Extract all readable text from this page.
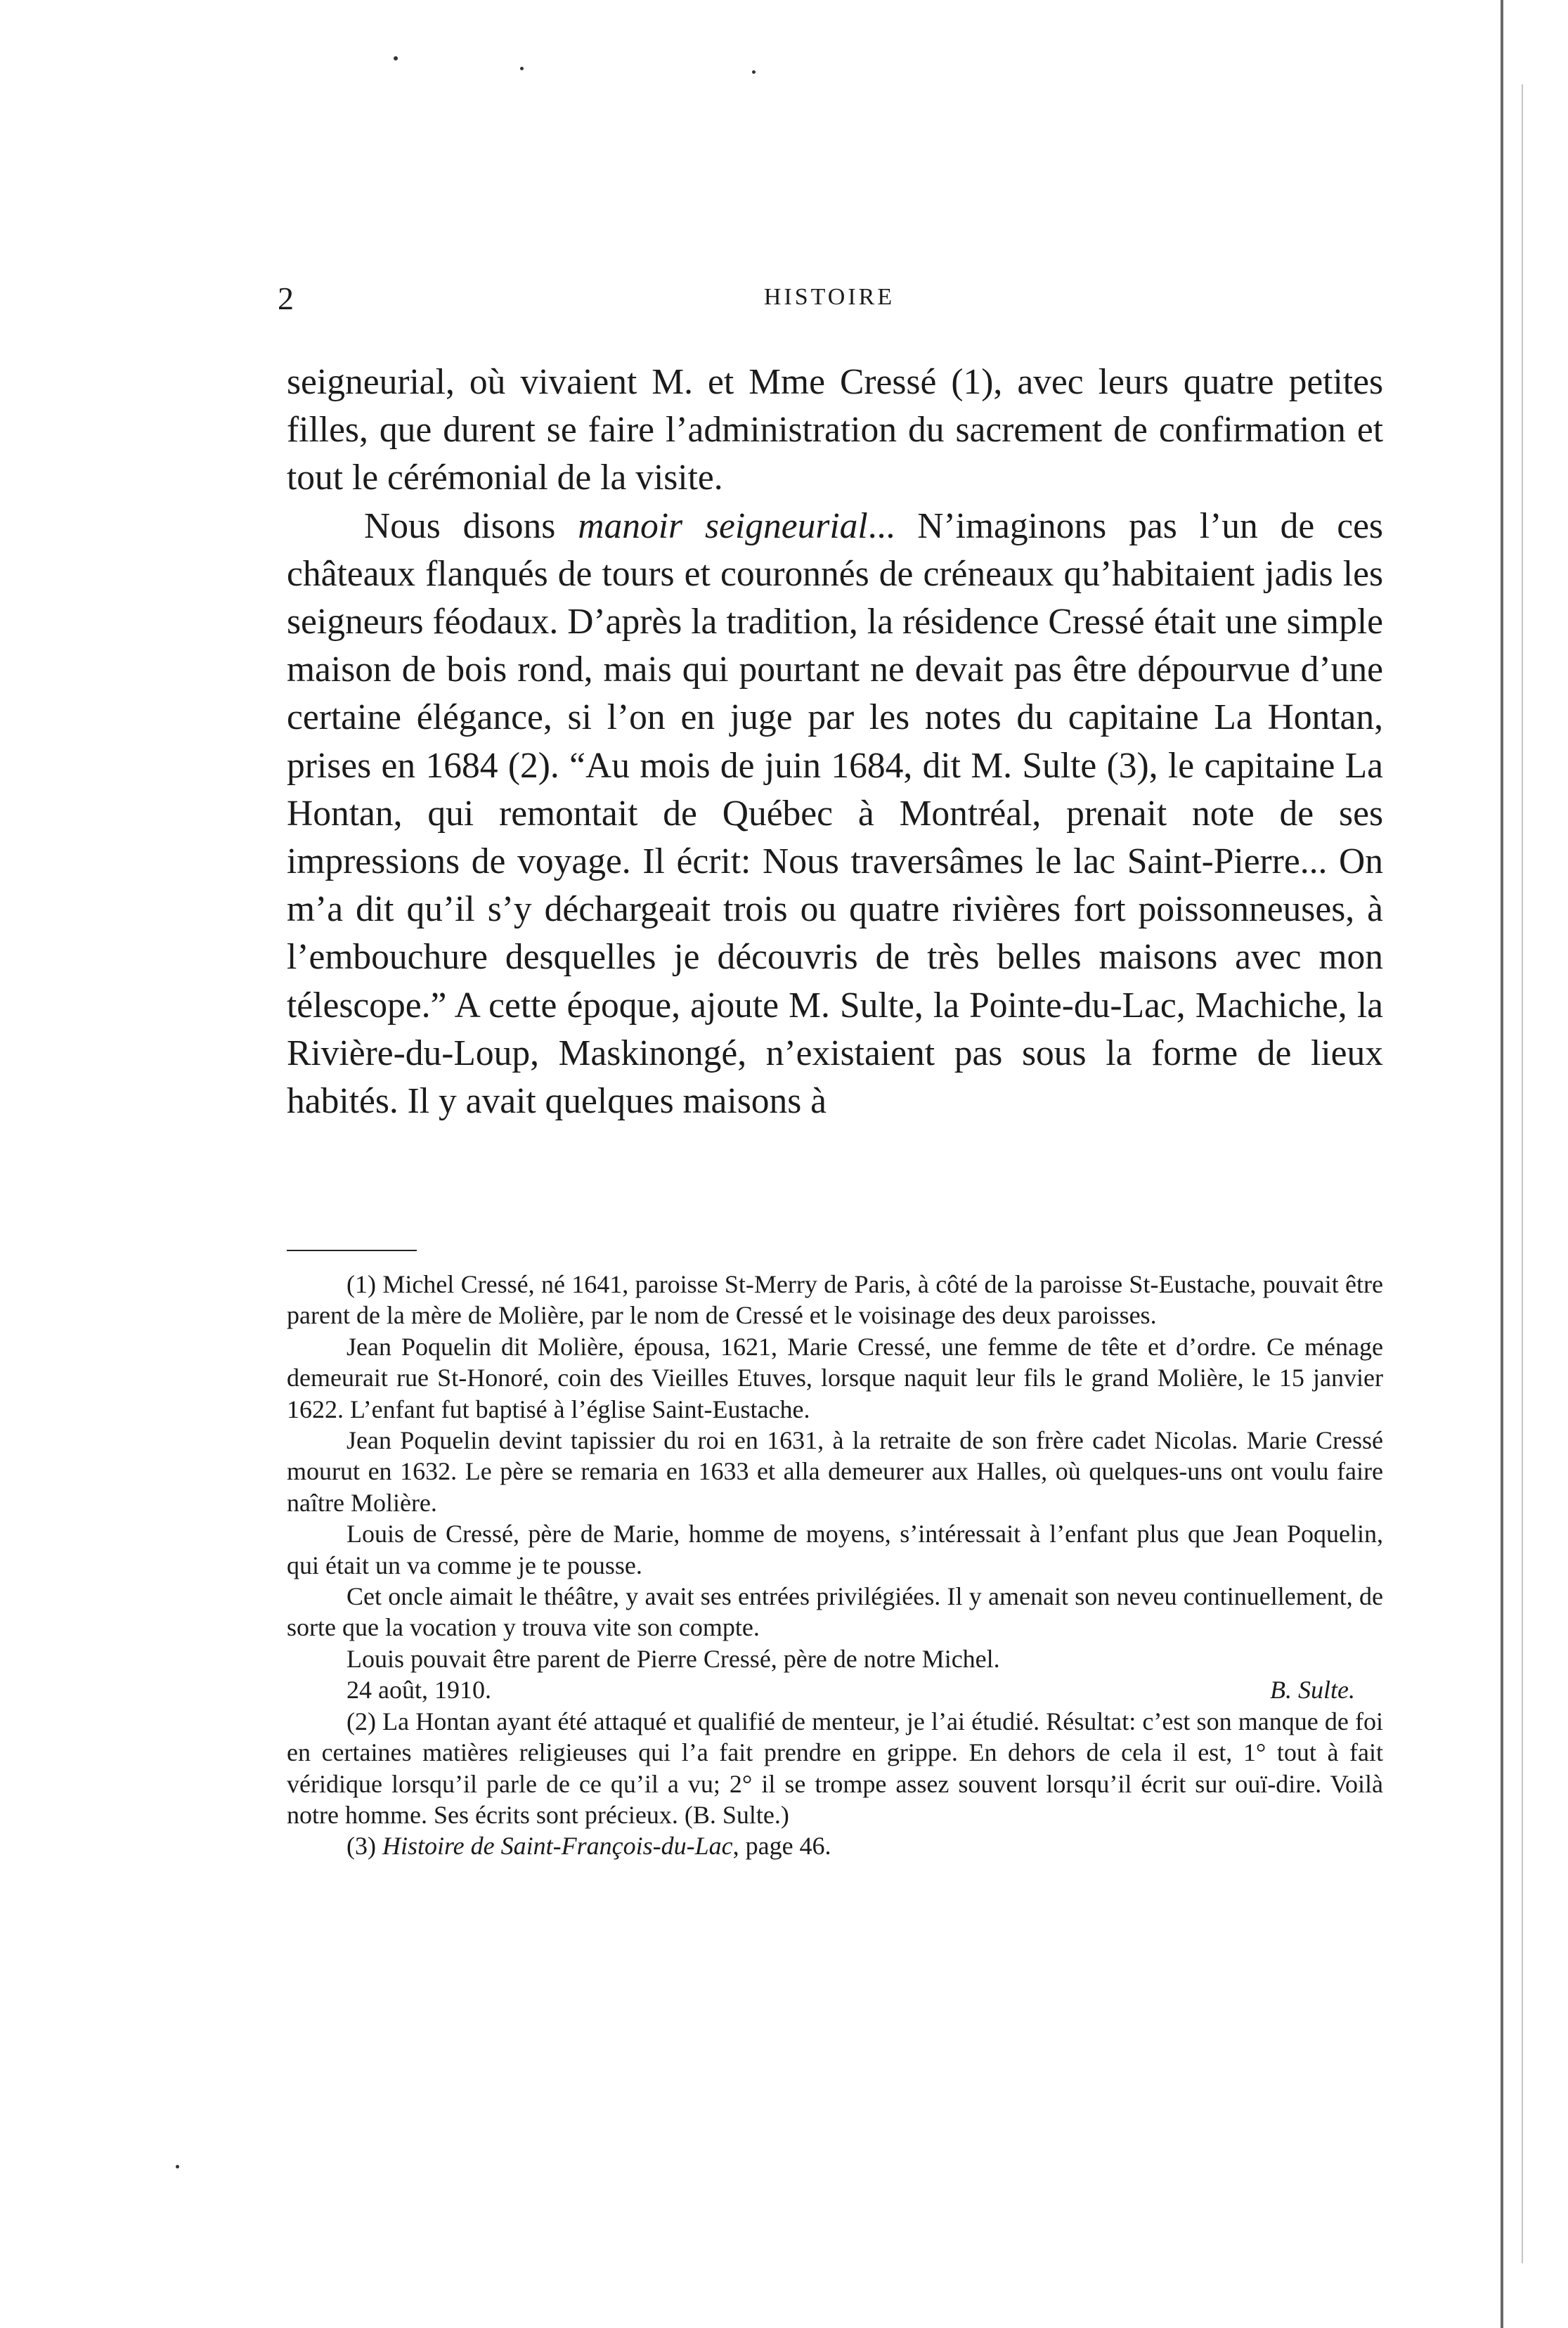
2	HISTOIRE

seigneurial, où vivaient M. et Mme Cressé (1), avec leurs quatre petites filles, que durent se faire l’administration du sacrement de confirmation et tout le cérémonial de la visite.

Nous disons manoir seigneurial... N’imaginons pas l’un de ces châteaux flanqués de tours et couronnés de créneaux qu’habitaient jadis les seigneurs féodaux. D’après la tradition, la résidence Cressé était une simple maison de bois rond, mais qui pourtant ne devait pas être dépourvue d’une certaine élégance, si l’on en juge par les notes du capitaine La Hontan, prises en 1684 (2). “Au mois de juin 1684, dit M. Sulte (3), le capitaine La Hontan, qui remontait de Québec à Montréal, prenait note de ses impressions de voyage. Il écrit: Nous traversâmes le lac Saint-Pierre... On m’a dit qu’il s’y déchargeait trois ou quatre rivières fort poissonneuses, à l’embouchure desquelles je découvris de très belles maisons avec mon télescope.” A cette époque, ajoute M. Sulte, la Pointe-du-Lac, Machiche, la Rivière-du-Loup, Maskinongé, n’existaient pas sous la forme de lieux habités. Il y avait quelques maisons à

(1) Michel Cressé, né 1641, paroisse St-Merry de Paris, à côté de la paroisse St-Eustache, pouvait être parent de la mère de Molière, par le nom de Cressé et le voisinage des deux paroisses.

Jean Poquelin dit Molière, épousa, 1621, Marie Cressé, une femme de tête et d’ordre. Ce ménage demeurait rue St-Honoré, coin des Vieilles Etuves, lorsque naquit leur fils le grand Molière, le 15 janvier 1622. L’enfant fut baptisé à l’église Saint-Eustache.

Jean Poquelin devint tapissier du roi en 1631, à la retraite de son frère cadet Nicolas. Marie Cressé mourut en 1632. Le père se remaria en 1633 et alla demeurer aux Halles, où quelques-uns ont voulu faire naître Molière.

Louis de Cressé, père de Marie, homme de moyens, s’intéressait à l’enfant plus que Jean Poquelin, qui était un va comme je te pousse.

Cet oncle aimait le théâtre, y avait ses entrées privilégiées. Il y amenait son neveu continuellement, de sorte que la vocation y trouva vite son compte.

Louis pouvait être parent de Pierre Cressé, père de notre Michel.

24 août, 1910.	B. Sulte.

(2) La Hontan ayant été attaqué et qualifié de menteur, je l’ai étudié. Résultat: c’est son manque de foi en certaines matières religieuses qui l’a fait prendre en grippe. En dehors de cela il est, 1° tout à fait véridique lorsqu’il parle de ce qu’il a vu; 2° il se trompe assez souvent lorsqu’il écrit sur ouï-dire. Voilà notre homme. Ses écrits sont précieux. (B. Sulte.)

(3) Histoire de Saint-François-du-Lac, page 46.
